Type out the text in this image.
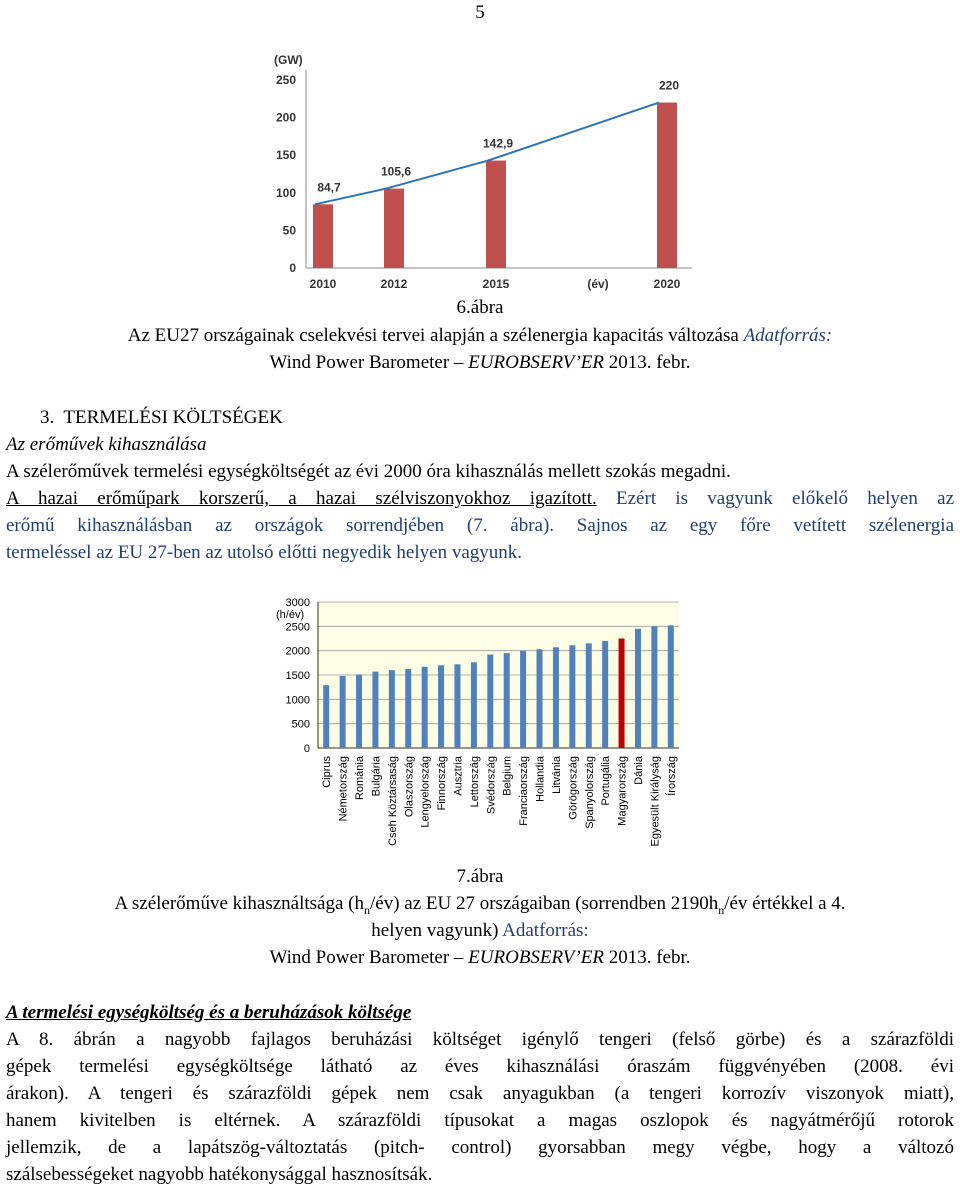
5
(GW)
0
50
100
150
200
250
84,7
2010
105,6
2012
142,9
2015
220
2020
(év)
6.ábra
Az EU27 országainak cselekvési tervei alapján a szélenergia kapacitás változása Adatforrás:
Wind Power Barometer – EUROBSERV’ER 2013. febr.
3. TERMELÉSI KÖLTSÉGEK
Az erőművek kihasználása
A szélerőművek termelési egységköltségét az évi 2000 óra kihasználás mellett szokás megadni.
A hazai erőműpark korszerű, a hazai szélviszonyokhoz igazított. Ezért is vagyunk előkelő helyen az
erőmű kihasználásban az országok sorrendjében (7. ábra). Sajnos az egy főre vetített szélenergia
termeléssel az EU 27-ben az utolsó előtti negyedik helyen vagyunk.
0
500
1000
1500
2000
2500
3000
(h/év)
Ciprus Németország Románia Bulgária Cseh Köztársaság Olaszország Lengyelország Finnország Ausztria Lettország Svédország Belgium Franciaország Hollandia Litvánia Görögország Spanyolország Portugália Magyarország Dánia Egyesült Királyság Írország
7.ábra
A szélerőműve kihasználtsága $(h_n/év)$ az EU 27 országaiban (sorrendben $2190h_n/év$ értékkel a 4.
helyen vagyunk) Adatforrás:
Wind Power Barometer – EUROBSERV’ER 2013. febr.
A termelési egységköltség és a beruházások költsége
A 8. ábrán a nagyobb fajlagos beruházási költséget igénylő tengeri (felső görbe) és a szárazföldi
gépek termelési egységköltsége látható az éves kihasználási óraszám függvényében (2008. évi
árakon). A tengeri és szárazföldi gépek nem csak anyagukban (a tengeri korrozív viszonyok miatt),
hanem kivitelben is eltérnek. A szárazföldi típusokat a magas oszlopok és nagyátmérőjű rotorok
jellemzik, de a lapátszög-változtatás (pitch- control) gyorsabban megy végbe, hogy a változó
szálsebességeket nagyobb hatékonysággal hasznosítsák.
